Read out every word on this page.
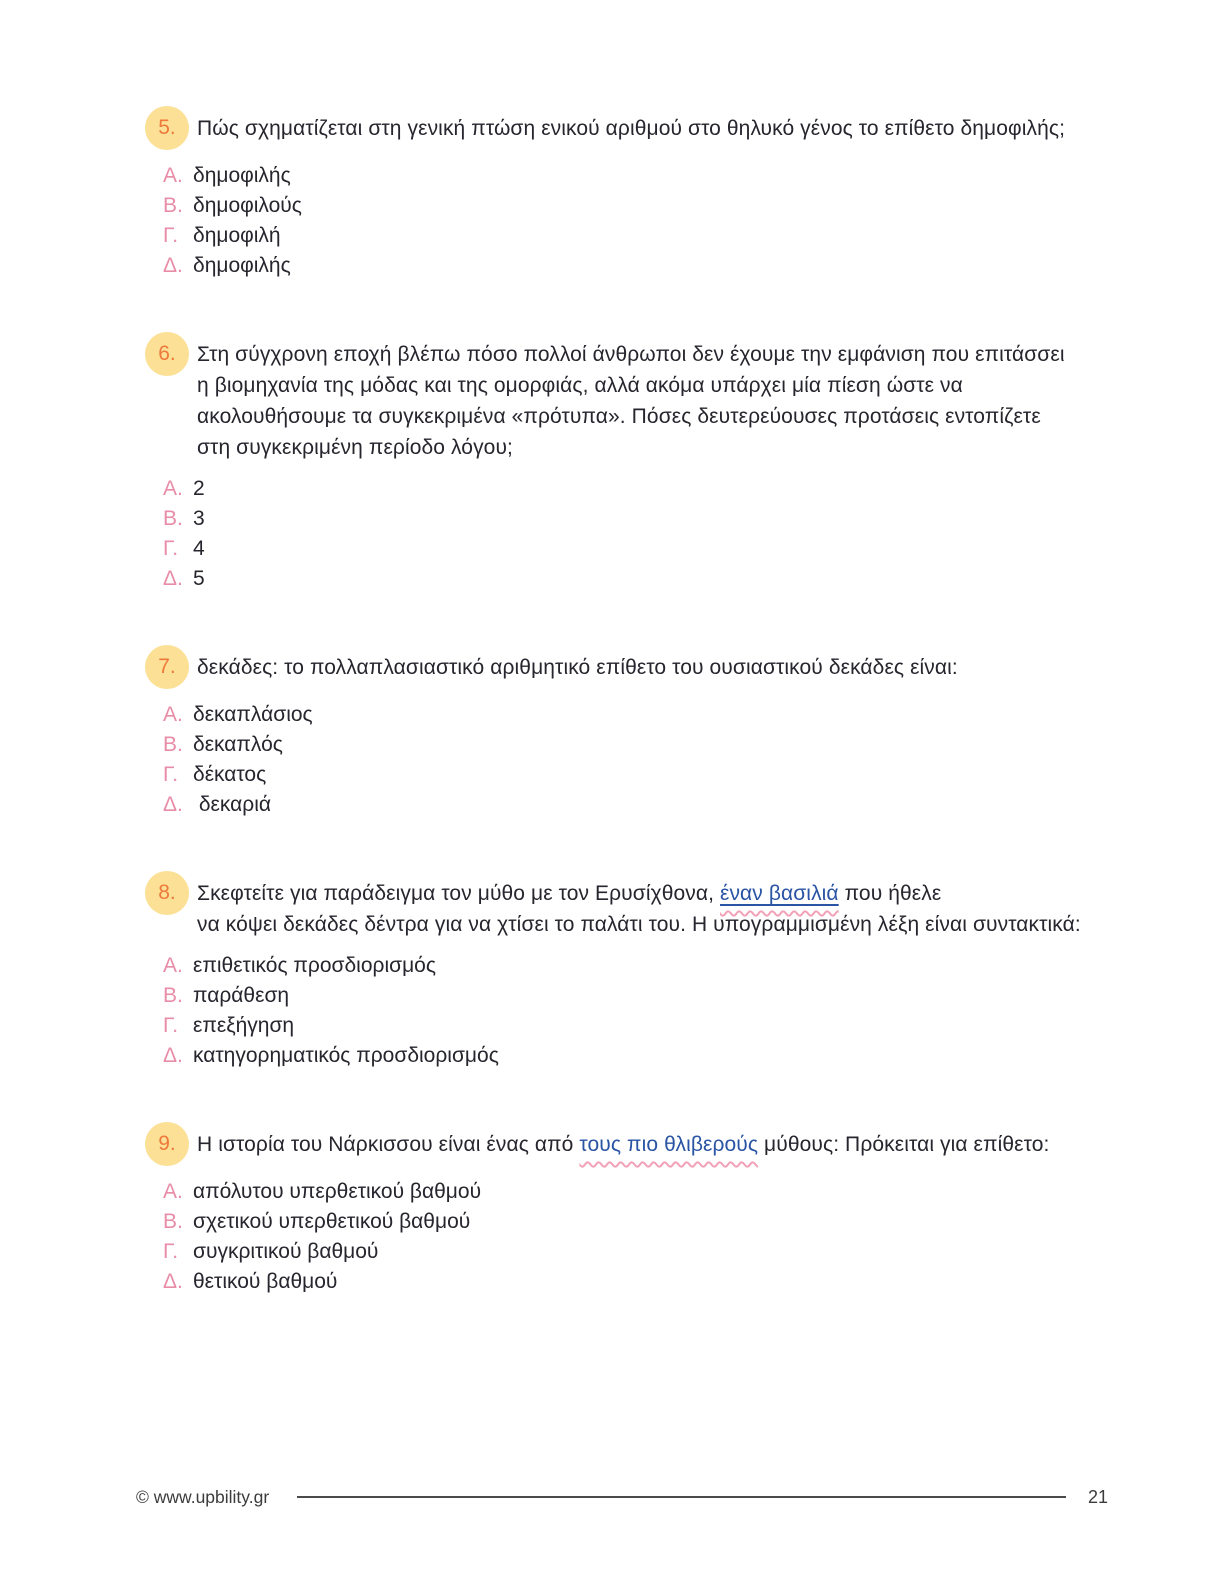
5. Πώς σχηματίζεται στη γενική πτώση ενικού αριθμού στο θηλυκό γένος το επίθετο δημοφιλής;
Α. δημοφιλής
Β. δημοφιλούς
Γ. δημοφιλή
Δ. δημοφιλής
6. Στη σύγχρονη εποχή βλέπω πόσο πολλοί άνθρωποι δεν έχουμε την εμφάνιση που επιτάσσει
η βιομηχανία της μόδας και της ομορφιάς, αλλά ακόμα υπάρχει μία πίεση ώστε να
ακολουθήσουμε τα συγκεκριμένα «πρότυπα». Πόσες δευτερεύουσες προτάσεις εντοπίζετε
στη συγκεκριμένη περίοδο λόγου;
Α. 2
Β. 3
Γ. 4
Δ. 5
7. δεκάδες: το πολλαπλασιαστικό αριθμητικό επίθετο του ουσιαστικού δεκάδες είναι:
Α. δεκαπλάσιος
Β. δεκαπλός
Γ. δέκατος
Δ. δεκαριά
8. Σκεφτείτε για παράδειγμα τον μύθο με τον Ερυσίχθονα, έναν βασιλιά που ήθελε
να κόψει δεκάδες δέντρα για να χτίσει το παλάτι του. Η υπογραμμισμένη λέξη είναι συντακτικά:
Α. επιθετικός προσδιορισμός
Β. παράθεση
Γ. επεξήγηση
Δ. κατηγορηματικός προσδιορισμός
9. Η ιστορία του Νάρκισσου είναι ένας από τους πιο θλιβερούς μύθους: Πρόκειται για επίθετο:
Α. απόλυτου υπερθετικού βαθμού
Β. σχετικού υπερθετικού βαθμού
Γ. συγκριτικού βαθμού
Δ. θετικού βαθμού
© www.upbility.gr	21
